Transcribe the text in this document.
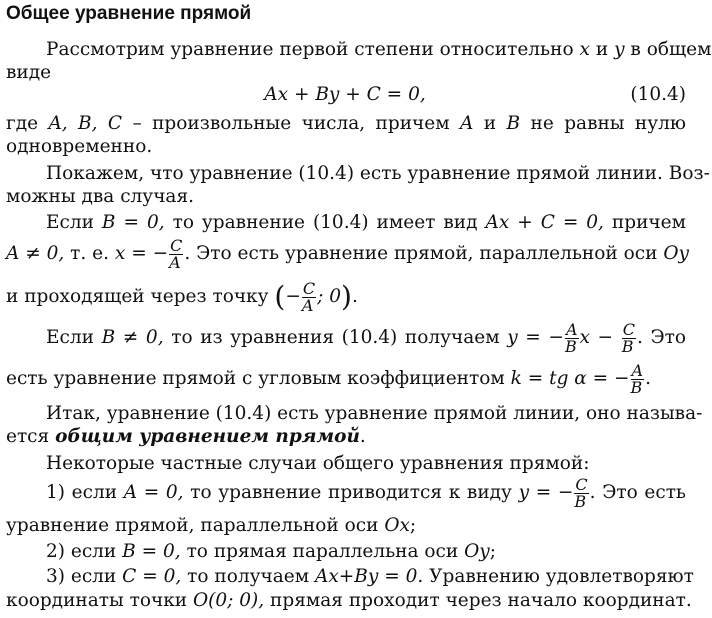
Общее уравнение прямой
Рассмотрим уравнение первой степени относительно x и y в общем
виде
Ax + By + C = 0,	(10.4)
где A, B, C – произвольные числа, причем A и B не равны нулю
одновременно.
Покажем, что уравнение (10.4) есть уравнение прямой линии. Воз-
можны два случая.
Если B = 0, то уравнение (10.4) имеет вид Ax + C = 0, причем
A ≠ 0, т. е. x = − $\frac{C}{A}$ . Это есть уравнение прямой, параллельной оси Oy
и проходящей через точку (− $\frac{C}{A}$ ; 0).
Если B ≠ 0, то из уравнения (10.4) получаем y = − $\frac{A}{B}$ $x - \frac{C}{B}$ . Это
есть уравнение прямой с угловым коэффициентом k = tg α = − $\frac{A}{B}$ .
Итак, уравнение (10.4) есть уравнение прямой линии, оно называ-
ется общим уравнением прямой.
Некоторые частные случаи общего уравнения прямой:
1) если A = 0, то уравнение приводится к виду y = − $\frac{C}{B}$ . Это есть
уравнение прямой, параллельной оси Ox;
2) если B = 0, то прямая параллельна оси Oy;
3) если C = 0, то получаем Ax+By = 0. Уравнению удовлетворяют
координаты точки O(0; 0), прямая проходит через начало координат.
